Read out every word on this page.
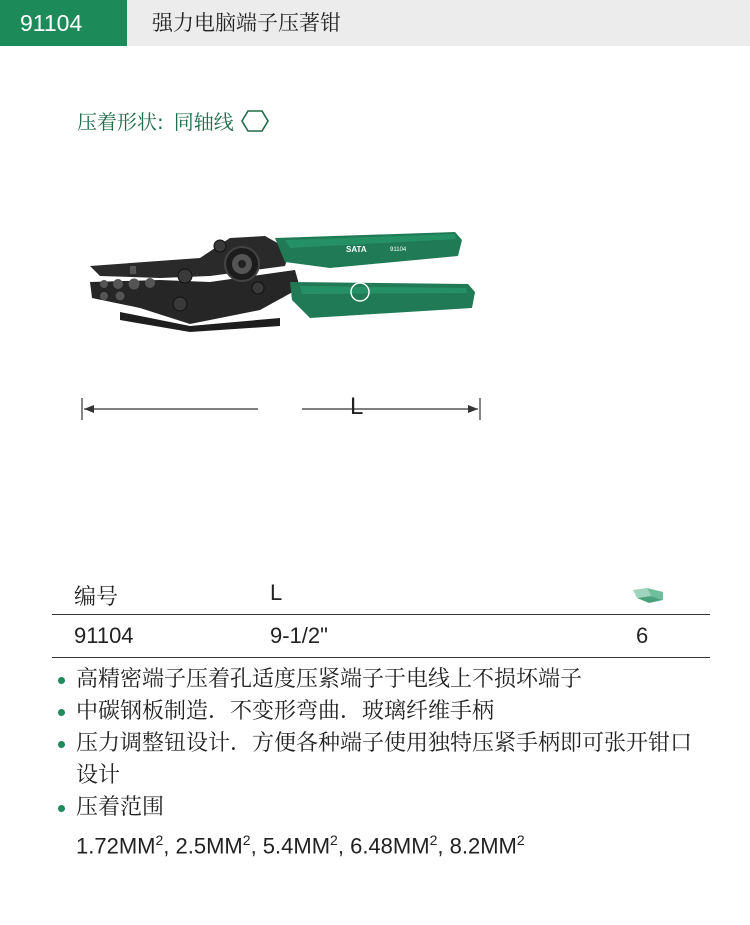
91104	强力电脑端子压著钳
压着形状: 同轴线
SATA	91104
L
编号	L
91104	9-1/2"	6
高精密端子压着孔适度压紧端子于电线上不损坏端子
中碳钢板制造．不变形弯曲．玻璃纤维手柄
压力调整钮设计．方便各种端子使用独特压紧手柄即可张开钳口设计
压着范围
$1.72MM^2$, $2.5MM^2$, $5.4MM^2$, $6.48MM^2$, $8.2MM^2$
